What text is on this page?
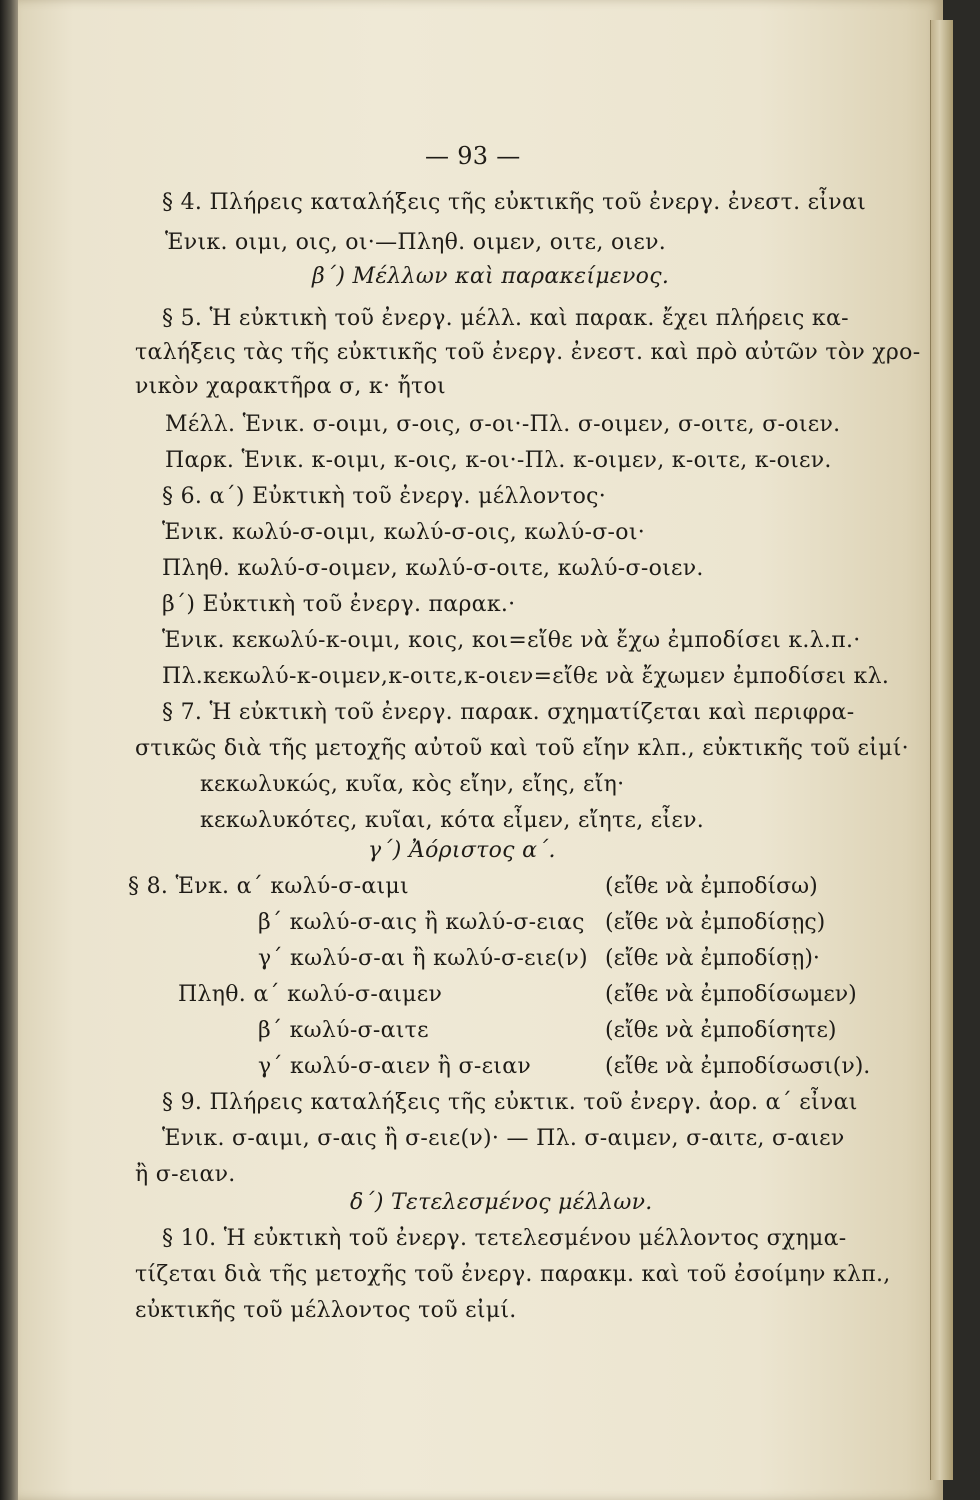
— 93 —
§ 4. Πλήρεις καταλήξεις τῆς εὐκτικῆς τοῦ ἐνεργ. ἐνεστ. εἶναι
Ἑνικ. οιμι, οις, οι·—Πληθ. οιμεν, οιτε, οιεν.
β΄) Μέλλων καὶ παρακείμενος.
§ 5. Ἡ εὐκτικὴ τοῦ ἐνεργ. μέλλ. καὶ παρακ. ἔχει πλήρεις κα-
ταλήξεις τὰς τῆς εὐκτικῆς τοῦ ἐνεργ. ἐνεστ. καὶ πρὸ αὐτῶν τὸν χρο-
νικὸν χαρακτῆρα σ, κ· ἤτοι
Μέλλ. Ἑνικ. σ-οιμι, σ-οις, σ-οι·-Πλ. σ-οιμεν, σ-οιτε, σ-οιεν.
Παρκ. Ἑνικ. κ-οιμι, κ-οις, κ-οι·-Πλ. κ-οιμεν, κ-οιτε, κ-οιεν.
§ 6. α΄) Εὐκτικὴ τοῦ ἐνεργ. μέλλοντος·
Ἑνικ. κωλύ-σ-οιμι, κωλύ-σ-οις, κωλύ-σ-οι·
Πληθ. κωλύ-σ-οιμεν, κωλύ-σ-οιτε, κωλύ-σ-οιεν.
β΄) Εὐκτικὴ τοῦ ἐνεργ. παρακ.·
Ἑνικ. κεκωλύ-κ-οιμι, κοις, κοι=εἴθε νὰ ἔχω ἐμποδίσει κ.λ.π.·
Πλ.κεκωλύ-κ-οιμεν,κ-οιτε,κ-οιεν=εἴθε νὰ ἔχωμεν ἐμποδίσει κλ.
§ 7. Ἡ εὐκτικὴ τοῦ ἐνεργ. παρακ. σχηματίζεται καὶ περιφρα-
στικῶς διὰ τῆς μετοχῆς αὐτοῦ καὶ τοῦ εἴην κλπ., εὐκτικῆς τοῦ εἰμί·
κεκωλυκώς, κυῖα, κὸς εἴην, εἴης, εἴη·
κεκωλυκότες, κυῖαι, κότα εἶμεν, εἴητε, εἶεν.
γ΄) Ἀόριστος α΄.
§ 8. Ἑνκ. α΄ κωλύ-σ-αιμι	(εἴθε νὰ ἐμποδίσω)
β΄ κωλύ-σ-αις ἢ κωλύ-σ-ειας (εἴθε νὰ ἐμποδίσῃς)
γ΄ κωλύ-σ-αι ἢ κωλύ-σ-ειε(ν) (εἴθε νὰ ἐμποδίσῃ)·
Πληθ. α΄ κωλύ-σ-αιμεν	(εἴθε νὰ ἐμποδίσωμεν)
β΄ κωλύ-σ-αιτε	(εἴθε νὰ ἐμποδίσητε)
γ΄ κωλύ-σ-αιεν ἢ σ-ειαν	(εἴθε νὰ ἐμποδίσωσι(ν).
§ 9. Πλήρεις καταλήξεις τῆς εὐκτικ. τοῦ ἐνεργ. ἀορ. α΄ εἶναι
Ἑνικ. σ-αιμι, σ-αις ἢ σ-ειε(ν)· — Πλ. σ-αιμεν, σ-αιτε, σ-αιεν
ἢ σ-ειαν.
δ΄) Τετελεσμένος μέλλων.
§ 10. Ἡ εὐκτικὴ τοῦ ἐνεργ. τετελεσμένου μέλλοντος σχημα-
τίζεται διὰ τῆς μετοχῆς τοῦ ἐνεργ. παρακμ. καὶ τοῦ ἐσοίμην κλπ.,
εὐκτικῆς τοῦ μέλλοντος τοῦ εἰμί.
